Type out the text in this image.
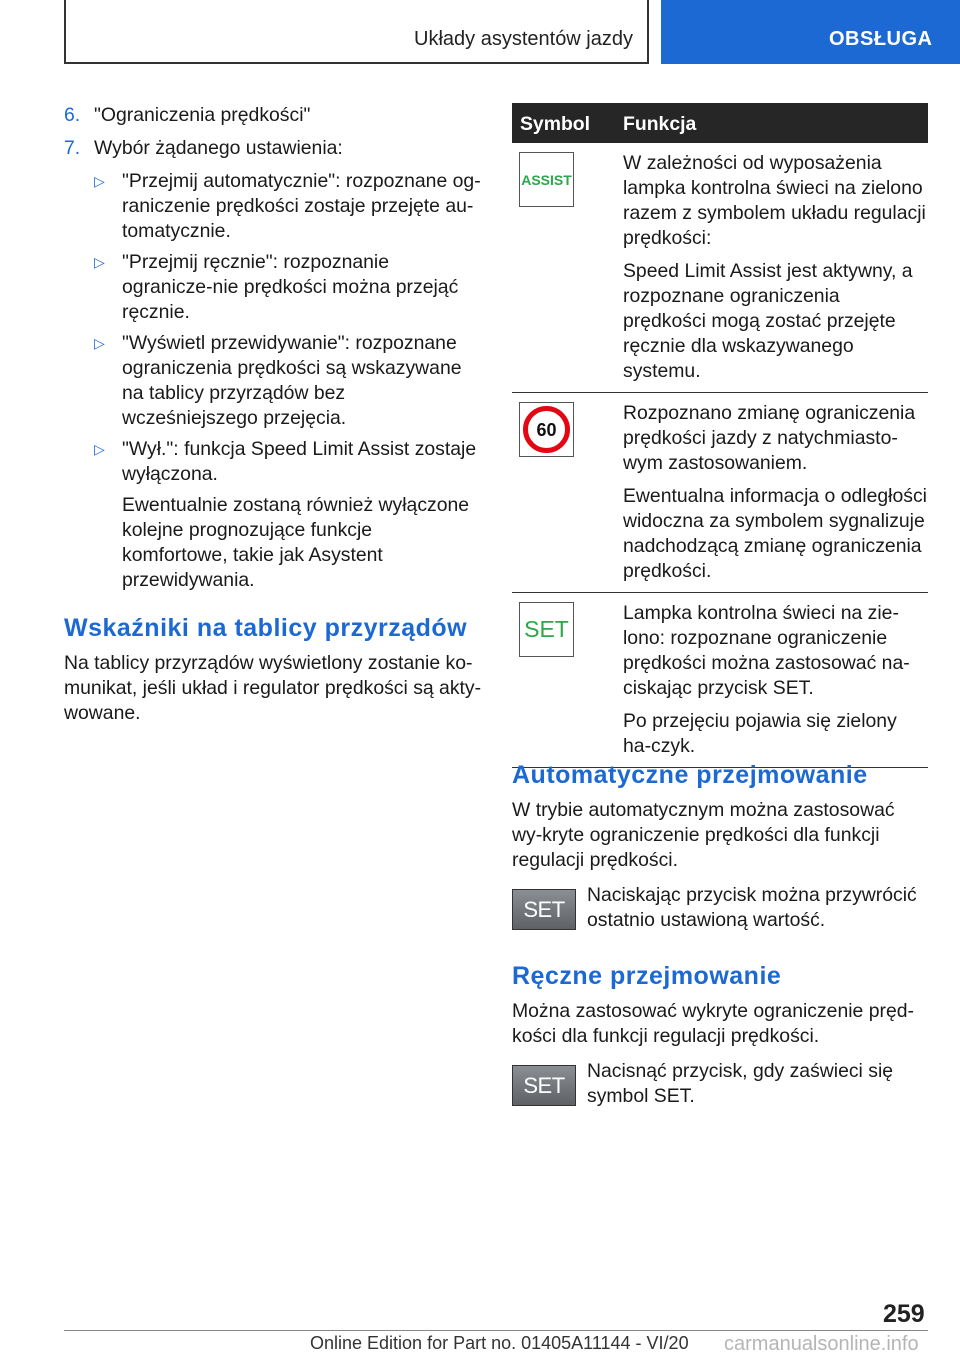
Układy asystentów jazdy	OBSŁUGA
6. "Ograniczenia prędkości"
7. Wybór żądanego ustawienia:
▷ "Przejmij automatycznie": rozpoznane og-raniczenie prędkości zostaje przejęte au-tomatycznie.
▷ "Przejmij ręcznie": rozpoznanie ogranicze-nie prędkości można przejąć ręcznie.
▷ "Wyświetl przewidywanie": rozpoznane ograniczenia prędkości są wskazywane na tablicy przyrządów bez wcześniejszego przejęcia.
▷ "Wył.": funkcja Speed Limit Assist zostaje wyłączona.
Ewentualnie zostaną również wyłączone kolejne prognozujące funkcje komfortowe, takie jak Asystent przewidywania.
Wskaźniki na tablicy przyrządów

Na tablicy przyrządów wyświetlony zostanie ko-munikat, jeśli układ i regulator prędkości są akty-wowane.

Symbol Funkcja
ASSIST

W zależności od wyposażenia lampka kontrolna świeci na zielono razem z symbolem układu regulacji prędkości:

Speed Limit Assist jest aktywny, a rozpoznane ograniczenia prędkości mogą zostać przejęte ręcznie dla wskazywanego systemu.

60

Rozpoznano zmianę ograniczenia prędkości jazdy z natychmiasto-wym zastosowaniem.

Ewentualna informacja o odległości widoczna za symbolem sygnalizuje nadchodzącą zmianę ograniczenia prędkości.

SET

Lampka kontrolna świeci na zie-lono: rozpoznane ograniczenie prędkości można zastosować na-ciskając przycisk SET.

Po przejęciu pojawia się zielony ha-czyk.

Automatyczne przejmowanie

W trybie automatycznym można zastosować wy-kryte ograniczenie prędkości dla funkcji regulacji prędkości.

SET
Naciskając przycisk można przywrócić ostatnio ustawioną wartość.
Ręczne przejmowanie

Można zastosować wykryte ograniczenie pręd-kości dla funkcji regulacji prędkości.

SET
Nacisnąć przycisk, gdy zaświeci się symbol SET.
259
Online Edition for Part no. 01405A11144 - VI/20 carmanualsonline.info
